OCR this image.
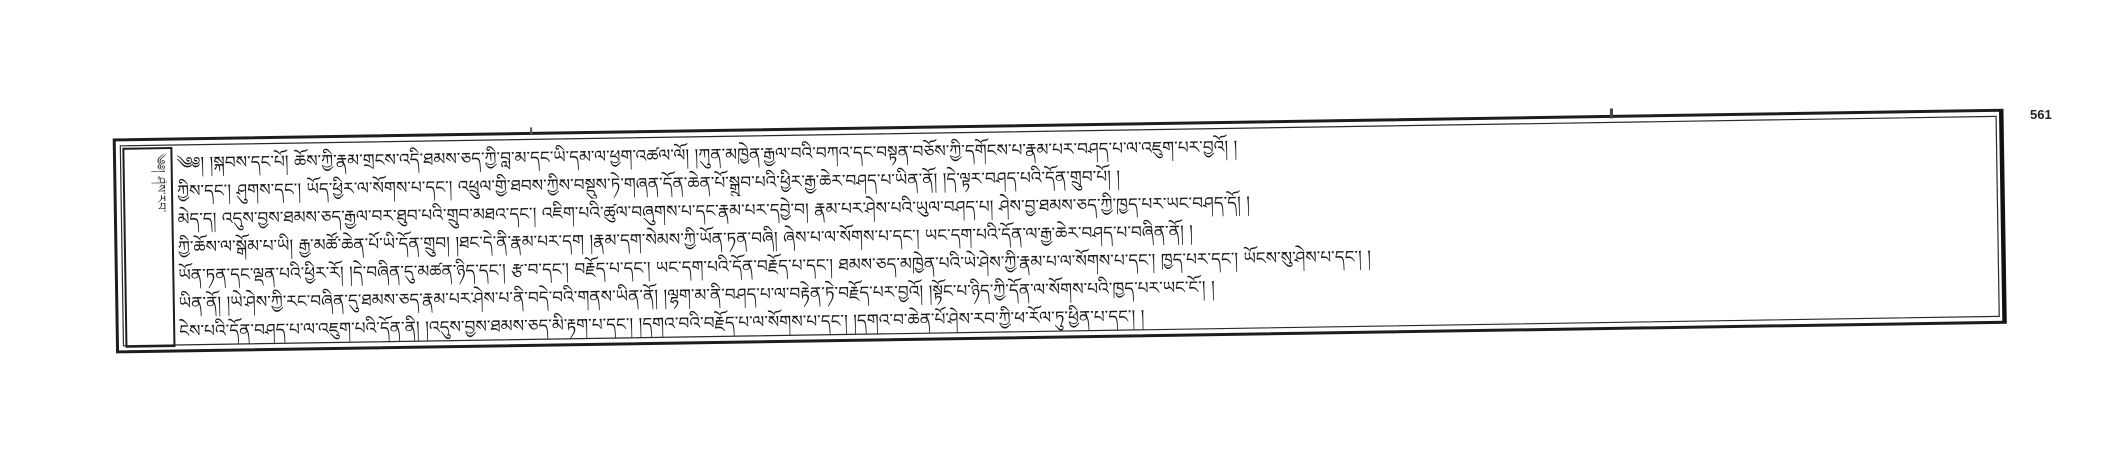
561
༄༅། ཤེས་རབ་ ༄༅། །སྐབས་དང་པོ། ཆོས་ཀྱི་རྣམ་གྲངས་འདི་ཐམས་ཅད་ཀྱི་བླ་མ་དང་ཡི་དམ་ལ་ཕྱག་འཚལ་ལོ། །ཀུན་མཁྱེན་རྒྱལ་བའི་བཀའ་དང་བསྟན་བཅོས་ཀྱི་དགོངས་པ་རྣམ་པར་བཤད་པ་ལ་འཇུག་པར་བྱའོ། །
ཀྱིས་དང་། ཤུགས་དང་། ཡོད་ཕྱིར་ལ་སོགས་པ་དང་། འཕྲུལ་གྱི་ཐབས་ཀྱིས་བསྡུས་ཏེ་གཞན་དོན་ཆེན་པོ་སྒྲུབ་པའི་ཕྱིར་རྒྱ་ཆེར་བཤད་པ་ཡིན་ནོ། །དེ་ལྟར་བཤད་པའི་དོན་གྲུབ་པོ། །
མེད་ད། འདུས་བྱས་ཐམས་ཅད་རྒྱལ་བར་ཐུབ་པའི་གྲུབ་མཐའ་དང་། འཇིག་པའི་ཚུལ་བཞུགས་པ་དང་རྣམ་པར་དབྱེ་བ། རྣམ་པར་ཤེས་པའི་ཡུལ་བཤད་པ། ཤེས་བྱ་ཐམས་ཅད་ཀྱི་ཁྱད་པར་ཡང་བཤད་དོ། །
ཀྱི་ཆོས་ལ་སྒོམ་པ་ཡི། རྒྱ་མཚོ་ཆེན་པོ་ཡི་དོན་གྲུབ། །ཐང་དེ་ནི་རྣམ་པར་དག །རྣམ་དག་སེམས་ཀྱི་ཡོན་ཏན་བཞི། ཞེས་པ་ལ་སོགས་པ་དང་། ཡང་དག་པའི་དོན་ལ་རྒྱ་ཆེར་བཤད་པ་བཞིན་ནོ། །
ཡོན་ཏན་དང་ལྡན་པའི་ཕྱིར་རོ། །དེ་བཞིན་དུ་མཚན་ཉིད་དང་། རྩ་བ་དང་། བརྗོད་པ་དང་། ཡང་དག་པའི་དོན་བརྗོད་པ་དང་། ཐམས་ཅད་མཁྱེན་པའི་ཡེ་ཤེས་ཀྱི་རྣམ་པ་ལ་སོགས་པ་དང་། ཁྱད་པར་དང་། ཡོངས་སུ་ཤེས་པ་དང་། །
ཡིན་ནོ། །ཡེ་ཤེས་ཀྱི་རང་བཞིན་དུ་ཐམས་ཅད་རྣམ་པར་ཤེས་པ་ནི་བདེ་བའི་གནས་ཡིན་ནོ། །ལྷག་མ་ནི་བཤད་པ་ལ་བརྟེན་ཏེ་བརྗོད་པར་བྱའོ། །སྟོང་པ་ཉིད་ཀྱི་དོན་ལ་སོགས་པའི་ཁྱད་པར་ཡང་ངོ་། །
ངེས་པའི་དོན་བཤད་པ་ལ་འཇུག་པའི་དོན་ནི། །འདུས་བྱས་ཐམས་ཅད་མི་རྟག་པ་དང་། །དགའ་བའི་བརྗོད་པ་ལ་སོགས་པ་དང་། །དགའ་བ་ཆེན་པོ་ཤེས་རབ་ཀྱི་ཕ་རོལ་ཏུ་ཕྱིན་པ་དང་། །
